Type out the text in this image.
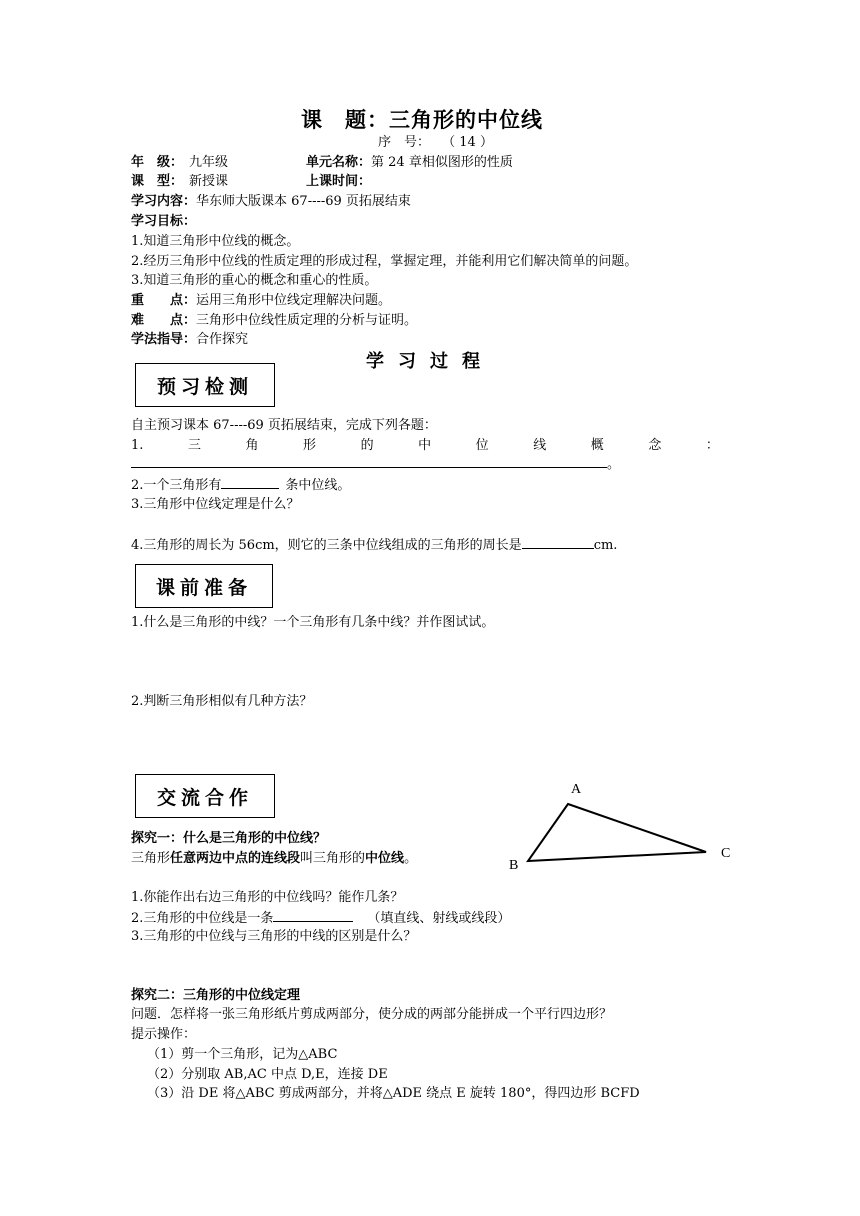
课　题：三角形的中位线
序　号： （ 14 ）
年　级： 九年级	单元名称：第 24 章相似图形的性质
课　型： 新授课	上课时间：
学习内容：华东师大版课本 67----69 页拓展结束
学习目标：
1.知道三角形中位线的概念。
2.经历三角形中位线的性质定理的形成过程，掌握定理，并能利用它们解决简单的问题。
3.知道三角形的重心的概念和重心的性质。
重　　点：运用三角形中位线定理解决问题。
难　　点：三角形中位线性质定理的分析与证明。
学法指导：合作探究
学习过程
预习检测
自主预习课本 67----69 页拓展结束，完成下列各题：
1.	三	角	形	的	中	位	线	概	念	：
。
2.一个三角形有	条中位线。
3.三角形中位线定理是什么？
4.三角形的周长为 56cm，则它的三条中位线组成的三角形的周长是	cm.
课前准备
1.什么是三角形的中线？一个三角形有几条中线？并作图试试。
2.判断三角形相似有几种方法？
交流合作
探究一：什么是三角形的中位线？
三角形任意两边中点的连线段叫三角形的中位线。
1.你能作出右边三角形的中位线吗？能作几条？
2.三角形的中位线是一条	（填直线、射线或线段）
3.三角形的中位线与三角形的中线的区别是什么？
探究二：三角形的中位线定理
问题．怎样将一张三角形纸片剪成两部分，使分成的两部分能拼成一个平行四边形？
提示操作：
（1）剪一个三角形，记为△ABC
（2）分别取 AB,AC 中点 D,E，连接 DE
（3）沿 DE 将△ABC 剪成两部分，并将△ADE 绕点 E 旋转 180°，得四边形 BCFD
A
B
C
